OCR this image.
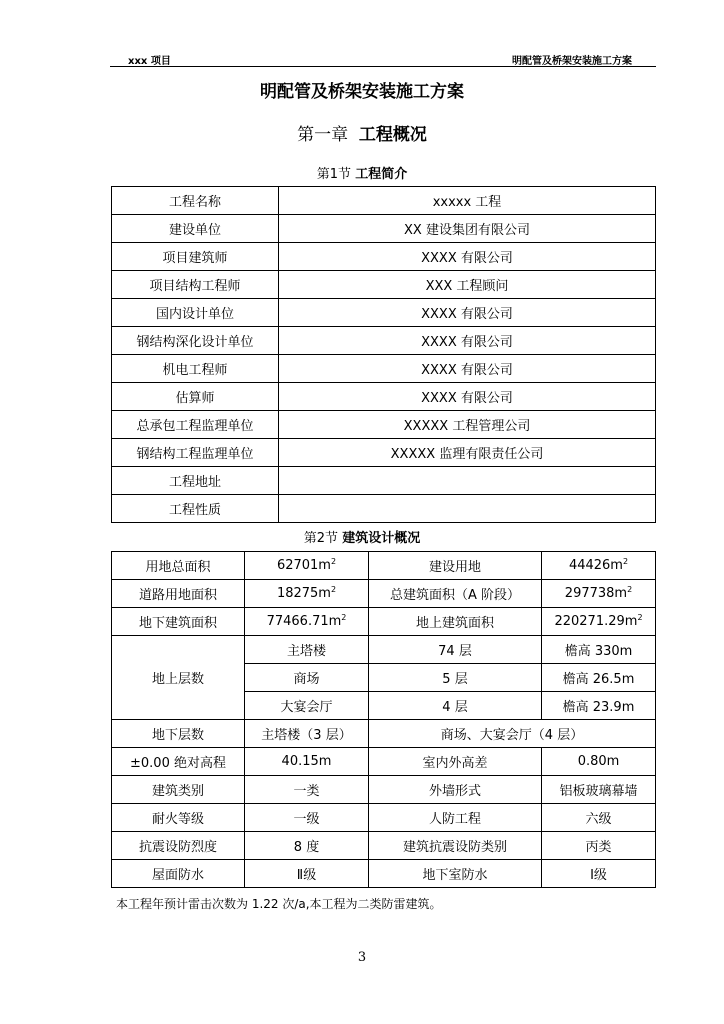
xxx 项目	明配管及桥架安装施工方案
明配管及桥架安装施工方案
第一章 工程概况
第1节 工程简介
工程名称	xxxxx 工程
建设单位	XX 建设集团有限公司
项目建筑师	XXXX 有限公司
项目结构工程师	XXX 工程顾问
国内设计单位	XXXX 有限公司
钢结构深化设计单位	XXXX 有限公司
机电工程师	XXXX 有限公司
估算师	XXXX 有限公司
总承包工程监理单位	XXXXX 工程管理公司
钢结构工程监理单位	XXXXX 监理有限责任公司
工程地址	
工程性质	
第2节 建筑设计概况
用地总面积	$62701m^2$	建设用地	$44426m^2$
道路用地面积	$18275m^2$	总建筑面积（A 阶段）	$297738m^2$
地下建筑面积	$77466.71m^2$	地上建筑面积	$220271.29m^2$
地上层数	主塔楼	74 层	檐高 330m
	商场	5 层	檐高 26.5m
	大宴会厅	4 层	檐高 23.9m
地下层数	主塔楼（3 层）	商场、大宴会厅（4 层）	
±0.00 绝对高程	40.15m	室内外高差	0.80m
建筑类别	一类	外墙形式	铝板玻璃幕墙
耐火等级	一级	人防工程	六级
抗震设防烈度	8 度	建筑抗震设防类别	丙类
屋面防水	Ⅱ级	地下室防水	Ⅰ级
本工程年预计雷击次数为 1.22 次/a,本工程为二类防雷建筑。
3
